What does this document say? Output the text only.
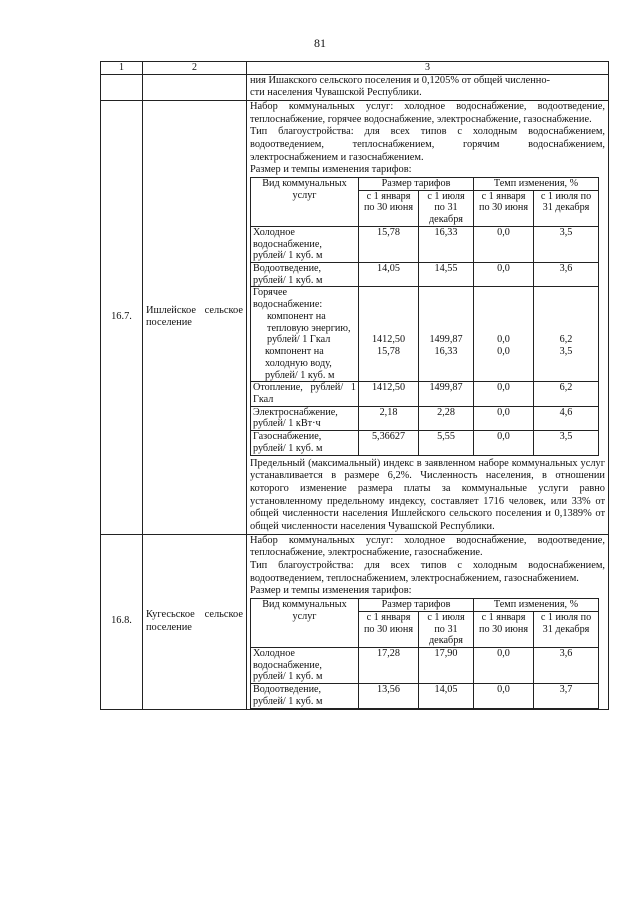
81
1	2	3

ния Ишакского сельского поселения и 0,1205% от общей численно-
сти населения Чувашской Республики.

16.7.	Ишлейское сельское поселение	
Набор коммунальных услуг: холодное водоснабжение, водоотведение, теплоснабжение, горячее водоснабжение, электроснабжение, газоснабжение.
Тип благоустройства: для всех типов с холодным водоснабжением, водоотведением, теплоснабжением, горячим водоснабжением, электроснабжением и газоснабжением.
Размер и темпы изменения тарифов:
Вид коммунальных услуг	Размер тарифов	Темп изменения, %
с 1 января по 30 июня	с 1 июля по 31 декабря	с 1 января по 30 июня	с 1 июля по 31 декабря
Холодное водоснабжение, рублей/ 1 куб. м	15,78	16,33	0,0	3,5
Водоотведение, рублей/ 1 куб. м	14,05	14,55	0,0	3,6

Горячее водоснабжение:
компонент на тепловую энергию, рублей/ 1 Гкал	1412,50	1499,87	0,0	6,2
компонент на холодную воду, рублей/ 1 куб. м	15,78	16,33	0,0	3,5
Отопление, рублей/ 1 Гкал	1412,50	1499,87	0,0	6,2
Электроснабжение, рублей/ 1 кВт·ч	2,18	2,28	0,0	4,6
Газоснабжение, рублей/ 1 куб. м	5,36627	5,55	0,0	3,5
Предельный (максимальный) индекс в заявленном наборе коммунальных услуг устанавливается в размере 6,2%. Численность населения, в отношении которого изменение размера платы за коммунальные услуги равно установленному предельному индексу, составляет 1716 человек, или 33% от общей численности населения Ишлейского сельского поселения и 0,1389% от общей численности населения Чувашской Республики.

16.8.	Кугесьское сельское поселение	
Набор коммунальных услуг: холодное водоснабжение, водоотведение, теплоснабжение, электроснабжение, газоснабжение.
Тип благоустройства: для всех типов с холодным водоснабжением, водоотведением, теплоснабжением, электроснабжением, газоснабжением.
Размер и темпы изменения тарифов:
Вид коммунальных услуг	Размер тарифов	Темп изменения, %
с 1 января по 30 июня	с 1 июля по 31 декабря	с 1 января по 30 июня	с 1 июля по 31 декабря
Холодное водоснабжение, рублей/ 1 куб. м	17,28	17,90	0,0	3,6
Водоотведение, рублей/ 1 куб. м	13,56	14,05	0,0	3,7
